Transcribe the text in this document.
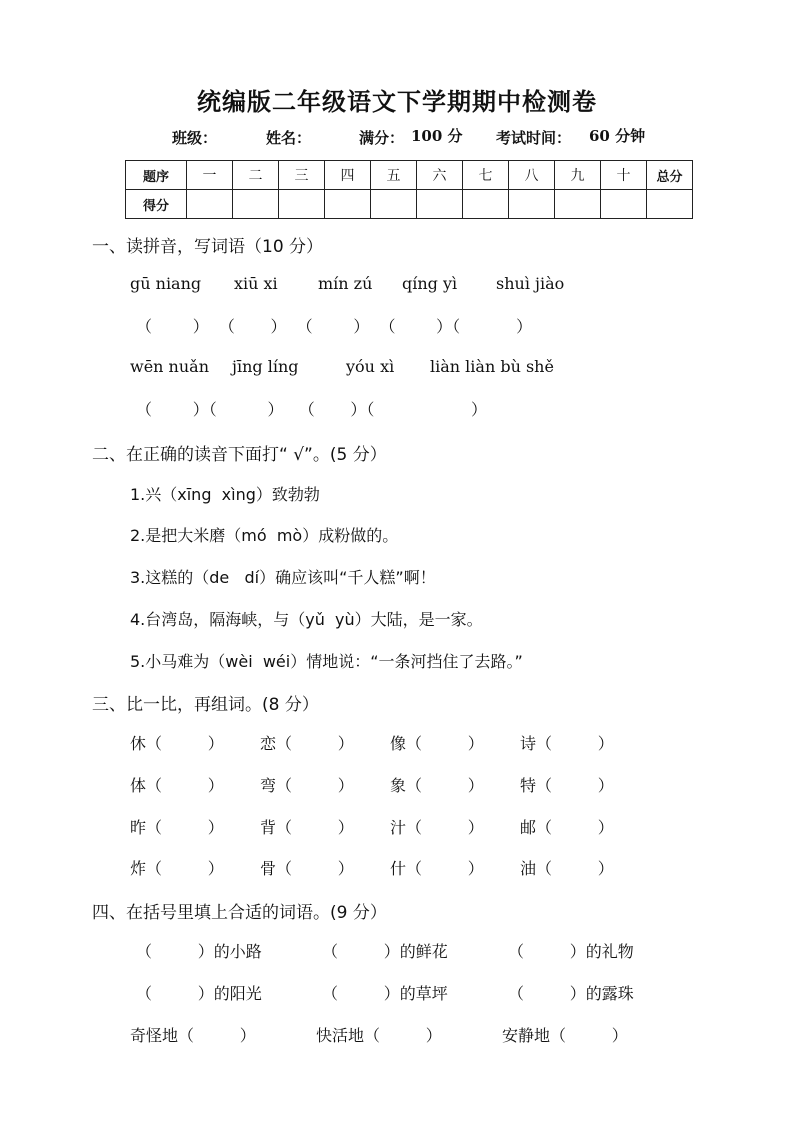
统编版二年级语文下学期期中检测卷
班级：	姓名：	满分： 100 分 考试时间： 60 分钟
题序	一	二	三	四	五	六	七	八	九	十	总分
得分											
一、读拼音，写词语（10 分）
gū niang xiū xi	mín zú qíng yì shuì jiào
（        ）  （       ）  （        ）  （        ）（           ）
wēn nuǎn jīng líng	yóu xì liàn liàn bù shě
（        ）（          ）   （       ）（                   ）
二、在正确的读音下面打“ √”。(5 分）
1.兴（xīng  xìng）致勃勃
2.是把大米磨（mó  mò）成粉做的。
3.这糕的（de   dí）确应该叫“千人糕”啊！
4.台湾岛，隔海峡，与（yǔ  yù）大陆，是一家。
5.小马难为（wèi  wéi）情地说：“一条河挡住了去路。”
三、比一比，再组词。(8 分）
休（         ） 恋（         ） 像（         ） 诗（         ）
体（         ） 弯（         ） 象（         ） 特（         ）
昨（         ） 背（         ） 汁（         ） 邮（         ）
炸（         ） 骨（         ） 什（         ） 油（         ）
四、在括号里填上合适的词语。(9 分）
（         ）的小路	（         ）的鲜花	（         ）的礼物
（         ）的阳光	（         ）的草坪	（         ）的露珠
奇怪地（         ）	快活地（         ）	安静地（         ）
